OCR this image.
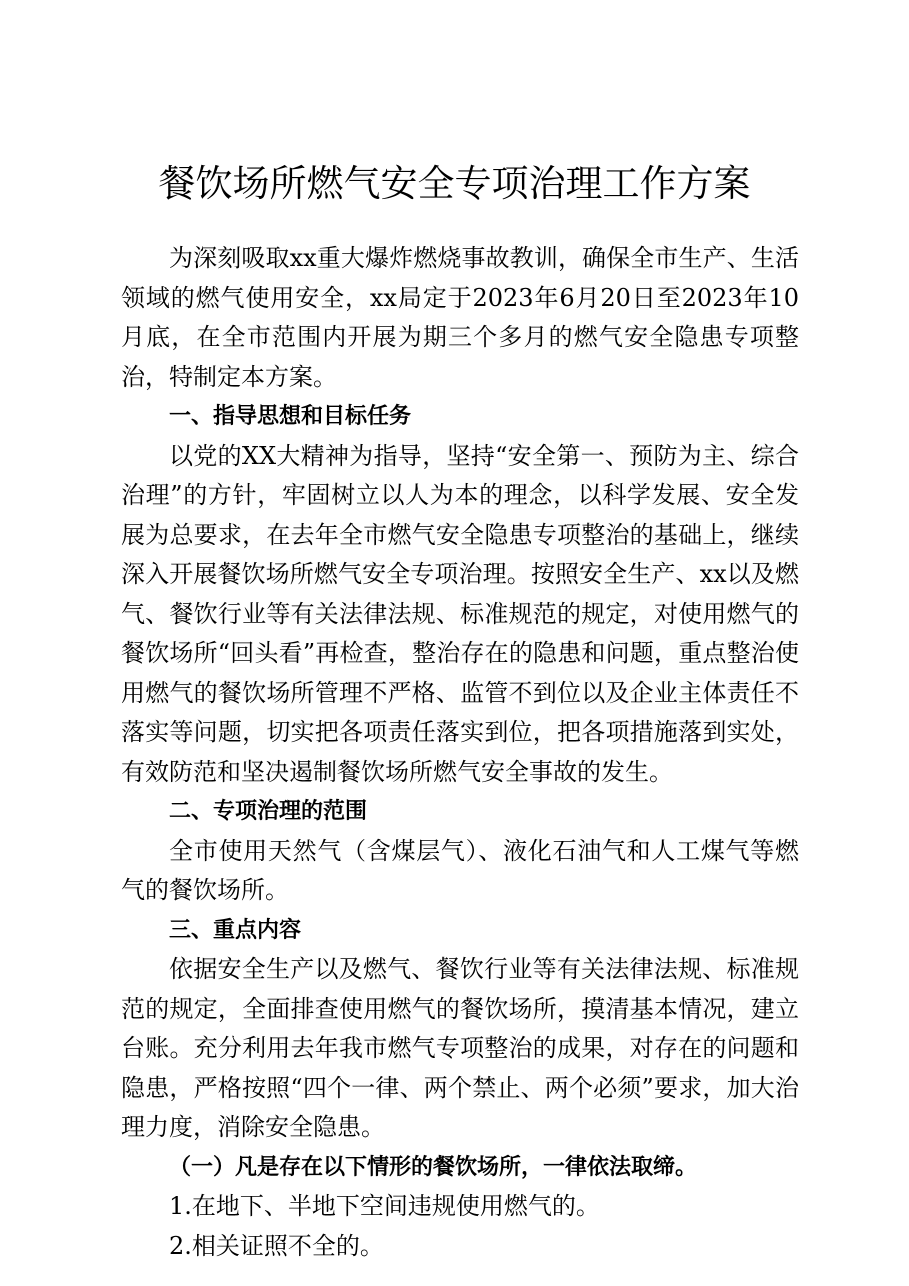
餐饮场所燃气安全专项治理工作方案

为深刻吸取xx重大爆炸燃烧事故教训，确保全市生产、生活领域的燃气使用安全，xx局定于2023年6月20日至2023年10月底，在全市范围内开展为期三个多月的燃气安全隐患专项整治，特制定本方案。

一、指导思想和目标任务

以党的XX大精神为指导，坚持“安全第一、预防为主、综合治理”的方针，牢固树立以人为本的理念，以科学发展、安全发展为总要求，在去年全市燃气安全隐患专项整治的基础上，继续深入开展餐饮场所燃气安全专项治理。按照安全生产、xx以及燃气、餐饮行业等有关法律法规、标准规范的规定，对使用燃气的餐饮场所“回头看”再检查，整治存在的隐患和问题，重点整治使用燃气的餐饮场所管理不严格、监管不到位以及企业主体责任不落实等问题，切实把各项责任落实到位，把各项措施落到实处，有效防范和坚决遏制餐饮场所燃气安全事故的发生。

二、专项治理的范围

全市使用天然气（含煤层气）、液化石油气和人工煤气等燃气的餐饮场所。

三、重点内容

依据安全生产以及燃气、餐饮行业等有关法律法规、标准规范的规定，全面排查使用燃气的餐饮场所，摸清基本情况，建立台账。充分利用去年我市燃气专项整治的成果，对存在的问题和隐患，严格按照“四个一律、两个禁止、两个必须”要求，加大治理力度，消除安全隐患。

（一）凡是存在以下情形的餐饮场所，一律依法取缔。

1.在地下、半地下空间违规使用燃气的。

2.相关证照不全的。
